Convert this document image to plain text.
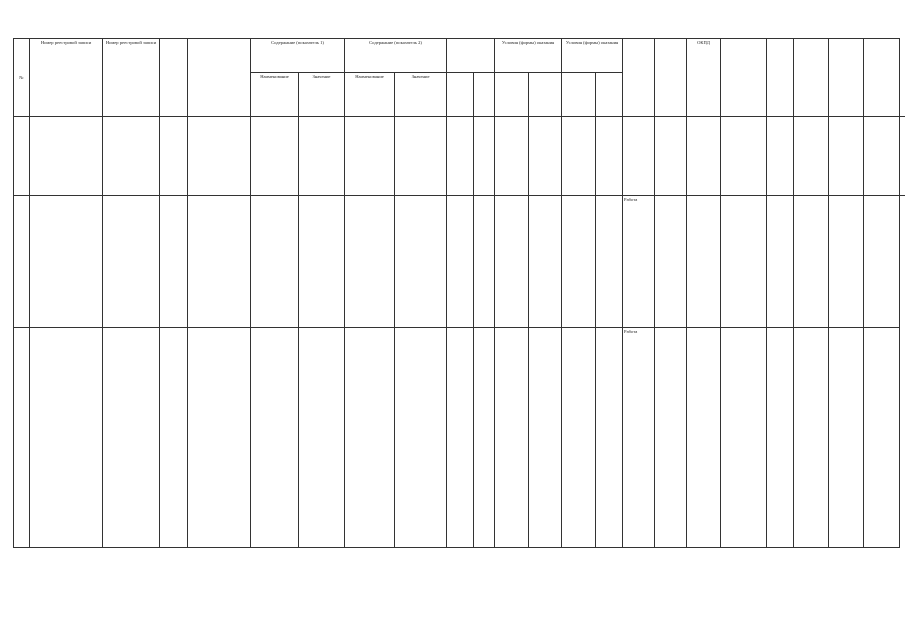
№	Номер реестровой записи	Номер реестровой записи			Содержание (показатель 1)		Содержание (показатель 2)				Условия (формы) оказания		Условия (формы) оказания				ОКПД						
					Наименование	Значение	Наименование	Значение															

															Работа								
															Работа								
